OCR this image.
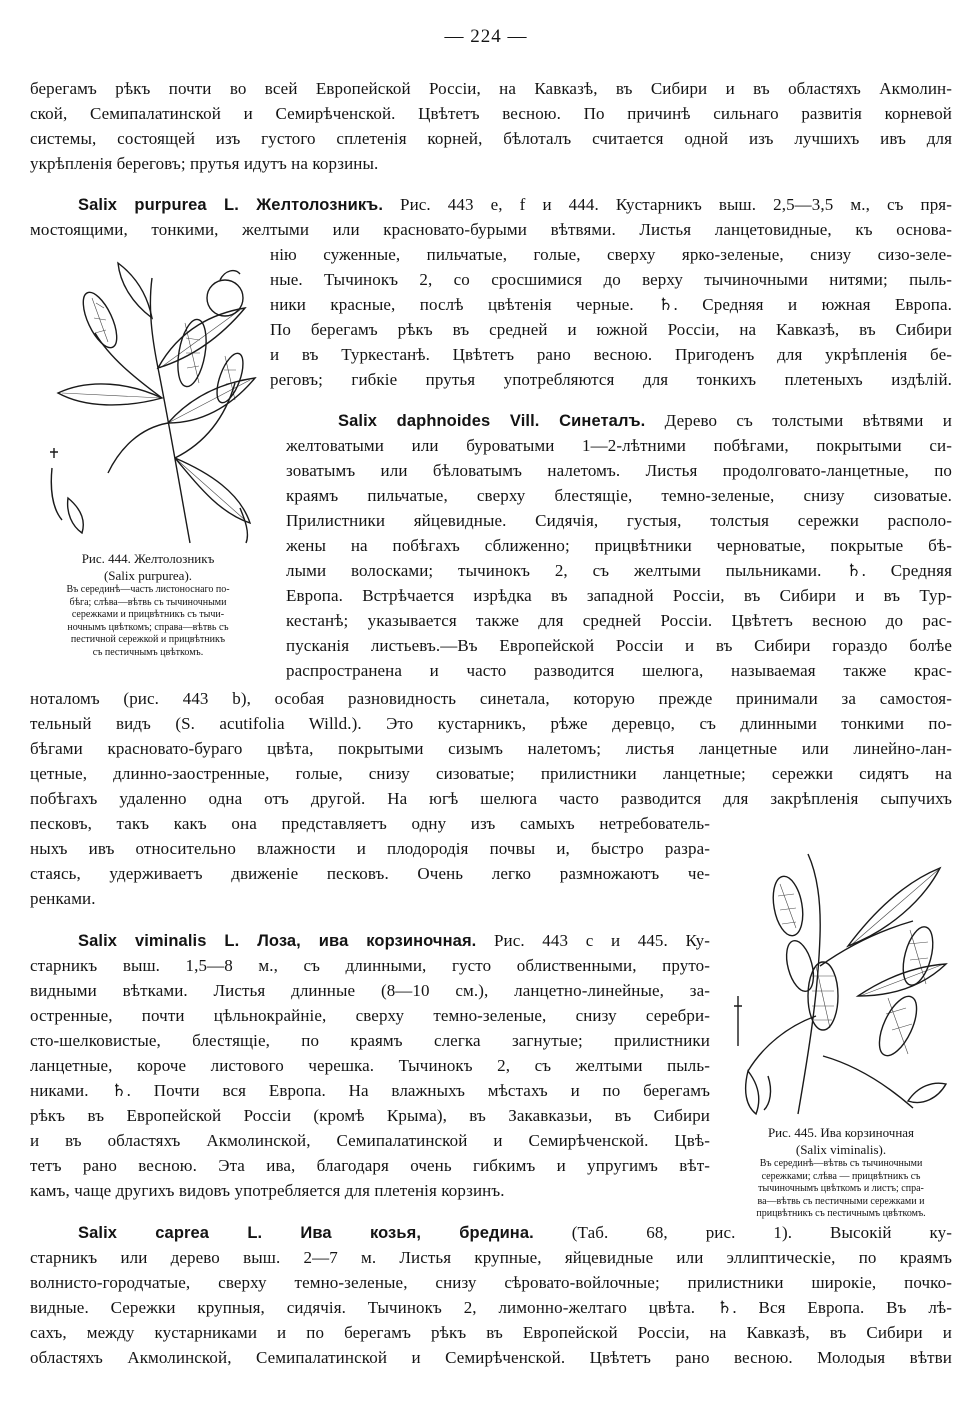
— 224 —
берегамъ рѣкъ почти во всей Европейской Россіи, на Кавказѣ, въ Сибири и въ областяхъ Акмолин-
ской, Семипалатинской и Семирѣченской. Цвѣтетъ весною. По причинѣ сильнаго развитія корневой
системы, состоящей изъ густого сплетенія корней, бѣлоталъ считается одной изъ лучшихъ ивъ для
укрѣпленія береговъ; прутья идутъ на корзины.
Salix purpurea L. Желтолозникъ. Рис. 443 е, f и 444. Кустарникъ выш. 2,5—3,5 м., съ пря-
мостоящими, тонкими, желтыми или красновато-бурыми вѣтвями. Листья ланцетовидные, къ основа-
нію суженные, пильчатые, голые, сверху ярко-зеленые, снизу сизо-зеле-
ные. Тычинокъ 2, со сросшимися до верху тычиночными нитями; пыль-
ники красные, послѣ цвѣтенія черные. ♄. Средняя и южная Европа.
По берегамъ рѣкъ въ средней и южной Россіи, на Кавказѣ, въ Сибири
и въ Туркестанѣ. Цвѣтетъ рано весною. Пригоденъ для укрѣпленія бе-
реговъ; гибкіе прутья употребляются для тонкихъ плетеныхъ издѣлій.
Salix daphnoides Vill. Синеталъ. Дерево съ толстыми вѣтвями и
желтоватыми или буроватыми 1—2-лѣтними побѣгами, покрытыми си-
зоватымъ или бѣловатымъ налетомъ. Листья продолговато-ланцетные, по
краямъ пильчатые, сверху блестящіе, темно-зеленые, снизу сизоватые.
Прилистники яйцевидные. Сидячія, густыя, толстыя сережки располо-
жены на побѣгахъ сближенно; прицвѣтники черноватые, покрытые бѣ-
лыми волосками; тычинокъ 2, съ желтыми пыльниками. ♄. Средняя
Европа. Встрѣчается изрѣдка въ западной Россіи, въ Сибири и въ Тур-
кестанѣ; указывается также для средней Россіи. Цвѣтетъ весною до рас-
пусканія листьевъ.—Въ Европейской Россіи и въ Сибири гораздо болѣе
распространена и часто разводится шелюга, называемая также краc-
ноталомъ (рис. 443 b), особая разновидность синетала, которую прежде принимали за самостоя-
тельный видъ (S. acutifolia Willd.). Это кустарникъ, рѣже деревцо, съ длинными тонкими по-
бѣгами красновато-бураго цвѣта, покрытыми сизымъ налетомъ; листья ланцетные или линейно-лан-
цетные, длинно-заостренные, голые, снизу сизоватые; прилистники ланцетные; сережки сидятъ на
побѣгахъ удаленно одна отъ другой. На югѣ шелюга часто разводится для закрѣпленія сыпучихъ
песковъ, такъ какъ она представляетъ одну изъ самыхъ нетребователь-
ныхъ ивъ относительно влажности и плодородія почвы и, быстро разра-
стаясь, удерживаетъ движеніе песковъ. Очень легко размножаютъ че-
ренками.
Salix viminalis L. Лоза, ива корзиночная. Рис. 443 с и 445. Ку-
старникъ выш. 1,5—8 м., съ длинными, густо облиственными, пруто-
видными вѣтками. Листья длинные (8—10 см.), ланцетно-линейные, за-
остренные, почти цѣльнокрайніе, сверху темно-зеленые, снизу серебри-
сто-шелковистые, блестящіе, по краямъ слегка загнутые; прилистники
ланцетные, короче листового черешка. Тычинокъ 2, съ желтыми пыль-
никами. ♄. Почти вся Европа. На влажныхъ мѣстахъ и по берегамъ
рѣкъ въ Европейской Россіи (кромѣ Крыма), въ Закавказьи, въ Сибири
и въ областяхъ Акмолинской, Семипалатинской и Семирѣченской. Цвѣ-
тетъ рано весною. Эта ива, благодаря очень гибкимъ и упругимъ вѣт-
камъ, чаще другихъ видовъ употребляется для плетенія корзинъ.
Salix caprea L. Ива козья, бредина. (Таб. 68, рис. 1). Высокій ку-
старникъ или дерево выш. 2—7 м. Листья крупные, яйцевидные или эллиптическіе, по краямъ
волнисто-городчатые, сверху темно-зеленые, снизу сѣровато-войлочные; прилистники широкіе, почко-
видные. Сережки крупныя, сидячія. Тычинокъ 2, лимонно-желтаго цвѣта. ♄. Вся Европа. Въ лѣ-
сахъ, между кустарниками и по берегамъ рѣкъ въ Европейской Россіи, на Кавказѣ, въ Сибири и
областяхъ Акмолинской, Семипалатинской и Семирѣченской. Цвѣтетъ рано весною. Молодыя вѣтви
Рис. 444. Желтолозникъ
(Salix purpurea).
Въ серединѣ—часть листоноснаго по-
бѣга; слѣва—вѣтвь съ тычиночными
сережками и прицвѣтникъ съ тычи-
ночнымъ цвѣткомъ; справа—вѣтвь съ
пестичной сережкой и прицвѣтникъ
съ пестичнымъ цвѣткомъ.
Рис. 445. Ива корзиночная
(Salix viminalis).
Въ серединѣ—вѣтвь съ тычиночными
сережками; слѣва — прицвѣтникъ съ
тычиночнымъ цвѣткомъ и листъ; спра-
ва—вѣтвь съ пестичными сережками и
прицвѣтникъ съ пестичнымъ цвѣткомъ.
